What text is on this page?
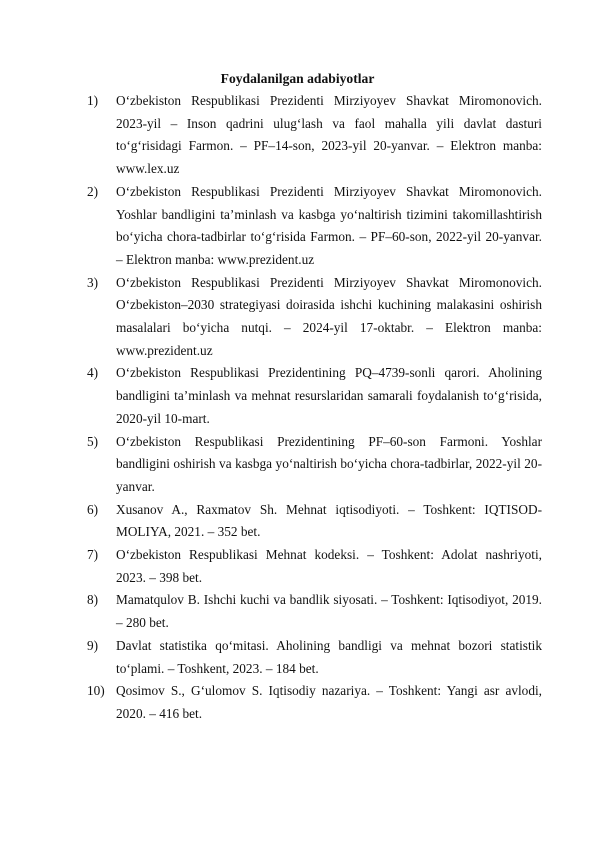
Foydalanilgan adabiyotlar
1) O‘zbekiston Respublikasi Prezidenti Mirziyoyev Shavkat Miromonovich. 2023-yil – Inson qadrini ulug‘lash va faol mahalla yili davlat dasturi to‘g‘risidagi Farmon. – PF–14-son, 2023-yil 20-yanvar. – Elektron manba: www.lex.uz
2) O‘zbekiston Respublikasi Prezidenti Mirziyoyev Shavkat Miromonovich. Yoshlar bandligini ta’minlash va kasbga yo‘naltirish tizimini takomillashtirish bo‘yicha chora-tadbirlar to‘g‘risida Farmon. – PF–60-son, 2022-yil 20-yanvar. – Elektron manba: www.prezident.uz
3) O‘zbekiston Respublikasi Prezidenti Mirziyoyev Shavkat Miromonovich. O‘zbekiston–2030 strategiyasi doirasida ishchi kuchining malakasini oshirish masalalari bo‘yicha nutqi. – 2024-yil 17-oktabr. – Elektron manba: www.prezident.uz
4) O‘zbekiston Respublikasi Prezidentining PQ–4739-sonli qarori. Aholining bandligini ta’minlash va mehnat resurslaridan samarali foydalanish to‘g‘risida, 2020-yil 10-mart.
5) O‘zbekiston Respublikasi Prezidentining PF–60-son Farmoni. Yoshlar bandligini oshirish va kasbga yo‘naltirish bo‘yicha chora-tadbirlar, 2022-yil 20-yanvar.
6) Xusanov A., Raxmatov Sh. Mehnat iqtisodiyoti. – Toshkent: IQTISOD-MOLIYA, 2021. – 352 bet.
7) O‘zbekiston Respublikasi Mehnat kodeksi. – Toshkent: Adolat nashriyoti, 2023. – 398 bet.
8) Mamatqulov B. Ishchi kuchi va bandlik siyosati. – Toshkent: Iqtisodiyot, 2019. – 280 bet.
9) Davlat statistika qo‘mitasi. Aholining bandligi va mehnat bozori statistik to‘plami. – Toshkent, 2023. – 184 bet.
10) Qosimov S., G‘ulomov S. Iqtisodiy nazariya. – Toshkent: Yangi asr avlodi, 2020. – 416 bet.
